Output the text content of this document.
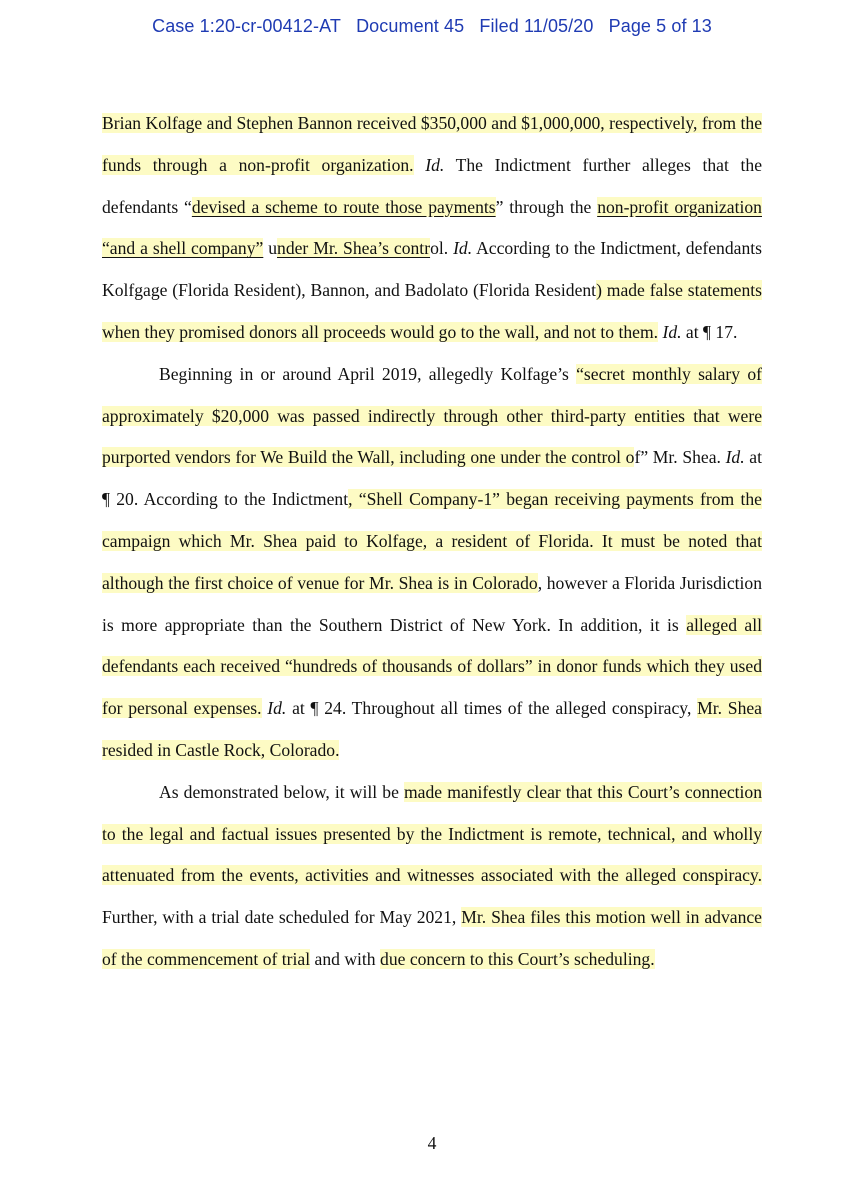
Case 1:20-cr-00412-AT Document 45 Filed 11/05/20 Page 5 of 13

Brian Kolfage and Stephen Bannon received $350,000 and $1,000,000, respectively, from the funds through a non-profit organization. Id. The Indictment further alleges that the defendants “devised a scheme to route those payments” through the non-profit organization “and a shell company” under Mr. Shea’s control. Id. According to the Indictment, defendants Kolfgage (Florida Resident), Bannon, and Badolato (Florida Resident) made false statements when they promised donors all proceeds would go to the wall, and not to them. Id. at ¶ 17.

Beginning in or around April 2019, allegedly Kolfage’s “secret monthly salary of approximately $20,000 was passed indirectly through other third-party entities that were purported vendors for We Build the Wall, including one under the control of” Mr. Shea. Id. at ¶ 20. According to the Indictment, “Shell Company-1” began receiving payments from the campaign which Mr. Shea paid to Kolfage, a resident of Florida. It must be noted that although the first choice of venue for Mr. Shea is in Colorado, however a Florida Jurisdiction is more appropriate than the Southern District of New York. In addition, it is alleged all defendants each received “hundreds of thousands of dollars” in donor funds which they used for personal expenses. Id. at ¶ 24. Throughout all times of the alleged conspiracy, Mr. Shea resided in Castle Rock, Colorado.

As demonstrated below, it will be made manifestly clear that this Court’s connection to the legal and factual issues presented by the Indictment is remote, technical, and wholly attenuated from the events, activities and witnesses associated with the alleged conspiracy. Further, with a trial date scheduled for May 2021, Mr. Shea files this motion well in advance of the commencement of trial and with due concern to this Court’s scheduling.

4
